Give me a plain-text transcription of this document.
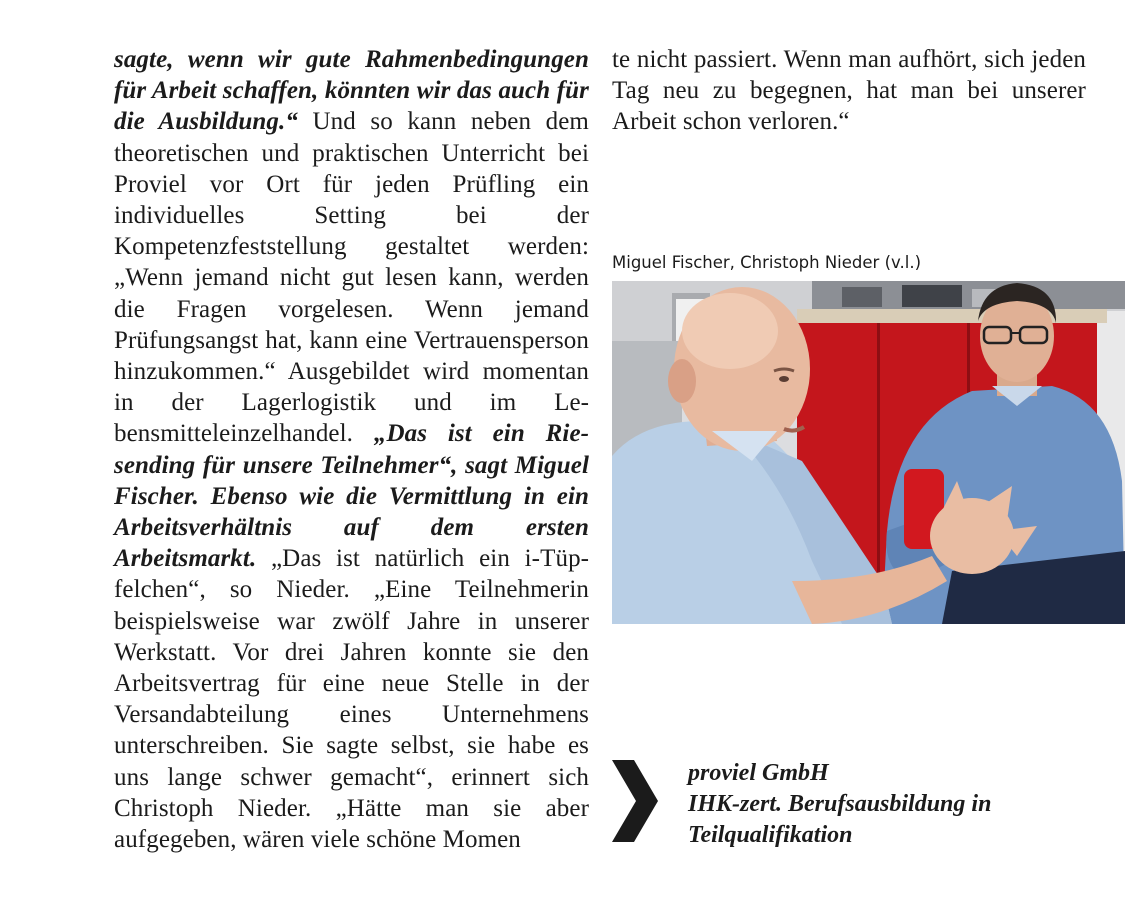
sagte, wenn wir gute Rahmenbedingungen für Arbeit schaffen, könnten wir das auch für die Ausbildung.“ Und so kann neben dem theoretischen und praktischen Unterricht bei Proviel vor Ort für jeden Prüfling ein individuelles Setting bei der Kompetenzfeststellung gestaltet werden: „Wenn jemand nicht gut lesen kann, werden die Fragen vorgelesen. Wenn jemand Prüfungsangst hat, kann eine Vertrauensperson hinzukommen.“ Ausgebildet wird momentan in der Lagerlogistik und im Lebensmitteleinzelhandel. „Das ist ein Riesending für unsere Teilnehmer“, sagt Miguel Fischer. Ebenso wie die Vermittlung in ein Arbeitsverhältnis auf dem ersten Arbeitsmarkt. „Das ist natürlich ein i-Tüpfelchen“, so Nieder. „Eine Teilnehmerin beispielsweise war zwölf Jahre in unserer Werkstatt. Vor drei Jahren konnte sie den Arbeitsvertrag für eine neue Stelle in der Versandabteilung eines Unternehmens unterschreiben. Sie sagte selbst, sie habe es uns lange schwer gemacht“, erinnert sich Christoph Nieder. „Hätte man sie aber aufgegeben, wären viele schöne Momen
te nicht passiert. Wenn man aufhört, sich jeden Tag neu zu begegnen, hat man bei unserer Arbeit schon verloren.“
Miguel Fischer, Christoph Nieder (v.l.)
proviel GmbH
IHK-zert. Berufsausbildung in
Teilqualifikation
